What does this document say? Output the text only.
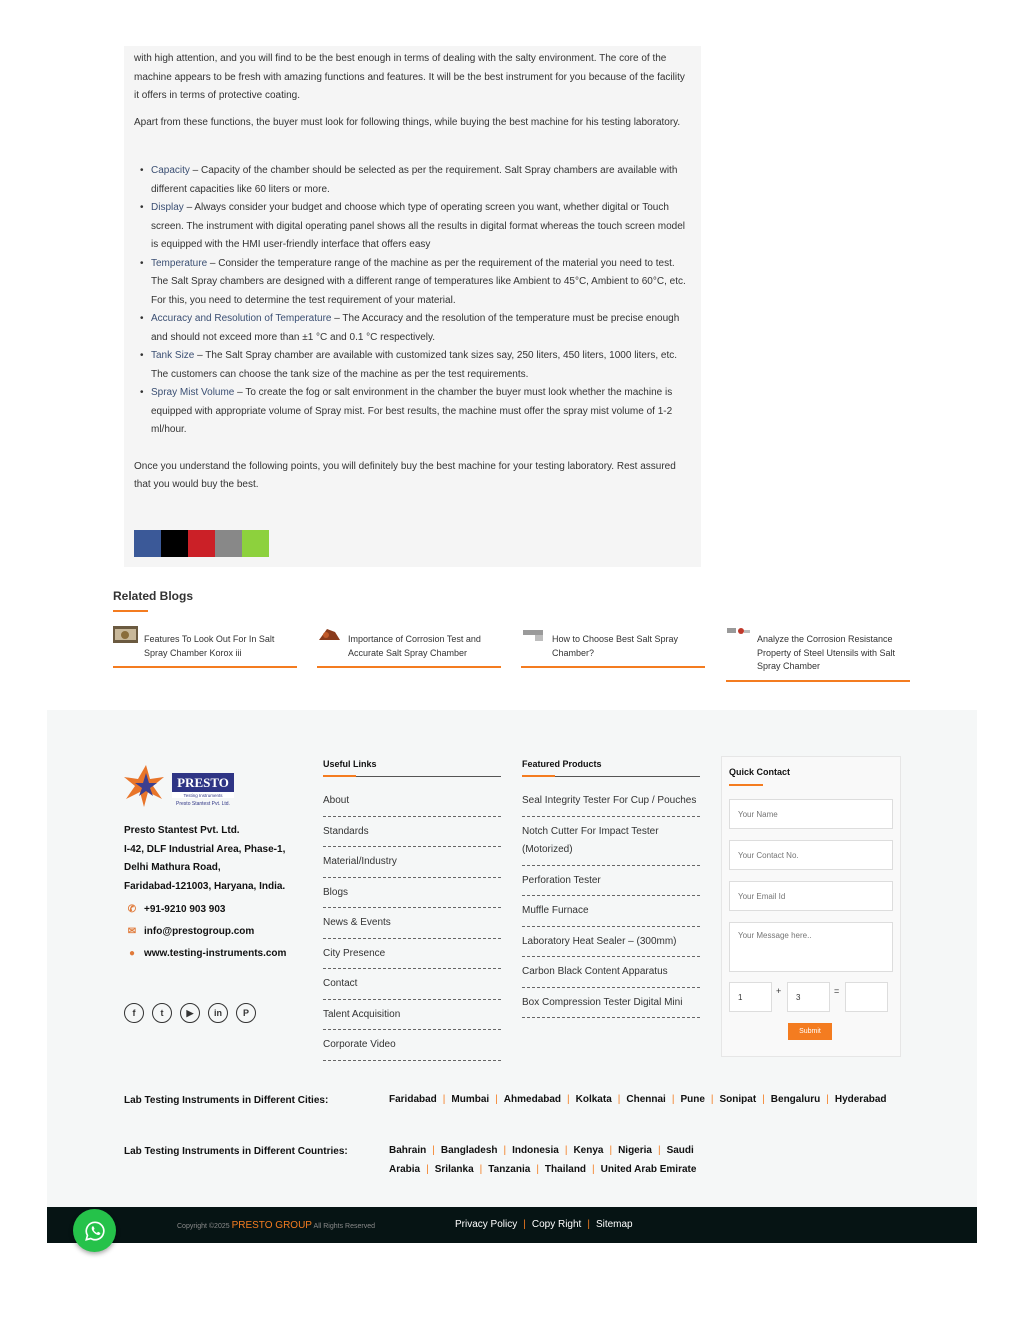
with high attention, and you will find to be the best enough in terms of dealing with the salty environment. The core of the machine appears to be fresh with amazing functions and features. It will be the best instrument for you because of the facility it offers in terms of protective coating.

Apart from these functions, the buyer must look for following things, while buying the best machine for his testing laboratory.

• Capacity – Capacity of the chamber should be selected as per the requirement. Salt Spray chambers are available with different capacities like 60 liters or more.
• Display – Always consider your budget and choose which type of operating screen you want, whether digital or Touch screen. The instrument with digital operating panel shows all the results in digital format whereas the touch screen model is equipped with the HMI user-friendly interface that offers easy
• Temperature – Consider the temperature range of the machine as per the requirement of the material you need to test. The Salt Spray chambers are designed with a different range of temperatures like Ambient to 45°C, Ambient to 60°C, etc. For this, you need to determine the test requirement of your material.
• Accuracy and Resolution of Temperature – The Accuracy and the resolution of the temperature must be precise enough and should not exceed more than ±1 °C and 0.1 °C respectively.
• Tank Size – The Salt Spray chamber are available with customized tank sizes say, 250 liters, 450 liters, 1000 liters, etc. The customers can choose the tank size of the machine as per the test requirements.
• Spray Mist Volume – To create the fog or salt environment in the chamber the buyer must look whether the machine is equipped with appropriate volume of Spray mist. For best results, the machine must offer the spray mist volume of 1-2 ml/hour.

Once you understand the following points, you will definitely buy the best machine for your testing laboratory. Rest assured that you would buy the best.

Related Blogs
Features To Look Out For In Salt Spray Chamber Korox iii
Importance of Corrosion Test and Accurate Salt Spray Chamber
How to Choose Best Salt Spray Chamber?
Analyze the Corrosion Resistance Property of Steel Utensils with Salt Spray Chamber
PRESTO
Testing Instruments
Presto Stantest Pvt. Ltd.
Presto Stantest Pvt. Ltd.
I-42, DLF Industrial Area, Phase-1,
Delhi Mathura Road,
Faridabad-121003, Haryana, India.
✆ +91-9210 903 903
✉ info@prestogroup.com
● www.testing-instruments.com
f	t	▶	in	P
Useful Links
About
Standards
Material/Industry
Blogs
News & Events
City Presence
Contact
Talent Acquisition
Corporate Video
Featured Products
Seal Integrity Tester For Cup / Pouches
Notch Cutter For Impact Tester (Motorized)
Perforation Tester
Muffle Furnace
Laboratory Heat Sealer – (300mm)
Carbon Black Content Apparatus
Box Compression Tester Digital Mini
Quick Contact
Your Name
Your Contact No.
Your Email Id
Your Message here..
1
+
3	=
Submit
Lab Testing Instruments in Different Cities:	Faridabad | Mumbai | Ahmedabad | Kolkata | Chennai | Pune | Sonipat | Bengaluru | Hyderabad
Lab Testing Instruments in Different Countries:	Bahrain | Bangladesh | Indonesia | Kenya | Nigeria | Saudi Arabia | Srilanka | Tanzania | Thailand | United Arab Emirate
Copyright ©2025 PRESTO GROUP All Rights Reserved	Privacy Policy | Copy Right | Sitemap
